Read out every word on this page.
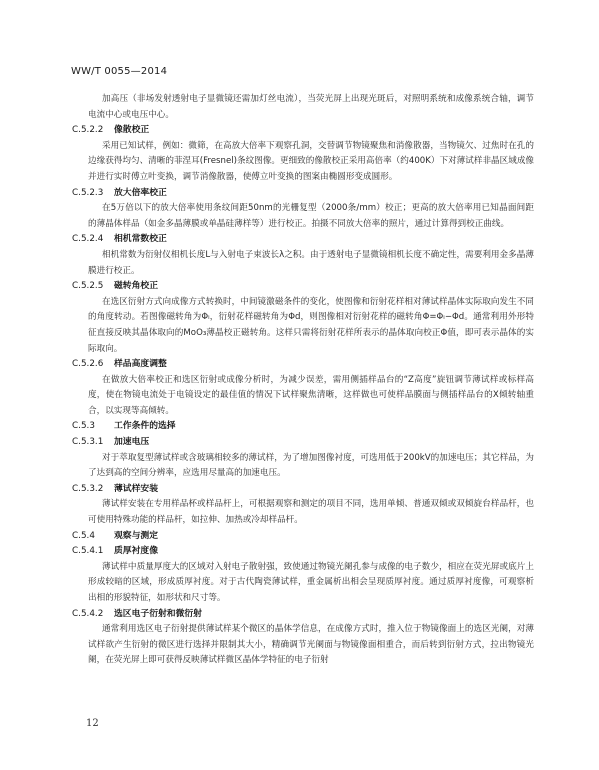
WW/T 0055—2014

加高压（非场发射透射电子显微镜还需加灯丝电流），当荧光屏上出现光斑后，对照明系统和成像系统合轴，调节电流中心或电压中心。

C.5.2.2 像散校正

采用已知试样，例如：微筛，在高放大倍率下观察孔洞，交替调节物镜聚焦和消像散器，当物镜欠、过焦时在孔的边缘获得均匀、清晰的菲涅耳(Fresnel)条纹图像。更细致的像散校正采用高倍率（约400K）下对薄试样非晶区域成像并进行实时傅立叶变换，调节消像散器，使傅立叶变换的图案由椭圆形变成圆形。

C.5.2.3 放大倍率校正

在5万倍以下的放大倍率使用条纹间距50nm的光栅复型（2000条/mm）校正；更高的放大倍率用已知晶面间距的薄晶体样品（如金多晶薄膜或单晶硅薄样等）进行校正。拍摄不同放大倍率的照片，通过计算得到校正曲线。

C.5.2.4 相机常数校正

相机常数为衍射仪相机长度L与入射电子束波长λ之积。由于透射电子显微镜相机长度不确定性，需要利用金多晶薄膜进行校正。

C.5.2.5 磁转角校正

在选区衍射方式向成像方式转换时，中间镜激磁条件的变化，使图像和衍射花样相对薄试样晶体实际取向发生不同的角度转动。若图像磁转角为Φᵢ，衍射花样磁转角为Φd，则图像相对衍射花样的磁转角Φ=Φᵢ−Φd。通常利用外形特征直接反映其晶体取向的MoO₃薄晶校正磁转角。这样只需将衍射花样所表示的晶体取向校正Φ值，即可表示晶体的实际取向。

C.5.2.6 样品高度调整

在做放大倍率校正和选区衍射或成像分析时，为减少误差，需用侧插样品台的“Z高度”旋钮调节薄试样或标样高度，使在物镜电流处于电镜设定的最佳值的情况下试样聚焦清晰，这样做也可使样品膜面与侧插样品台的X倾转轴重合，以实现等高倾转。

C.5.3 工作条件的选择
C.5.3.1 加速电压

对于萃取复型薄试样或含玻璃相较多的薄试样，为了增加图像衬度，可选用低于200kV的加速电压；其它样品，为了达到高的空间分辨率，应选用尽量高的加速电压。

C.5.3.2 薄试样安装

薄试样安装在专用样品杯或样品杆上，可根据观察和测定的项目不同，选用单倾、普通双倾或双倾旋台样品杆，也可使用特殊功能的样品杆，如拉伸、加热或冷却样品杆。

C.5.4 观察与测定
C.5.4.1 质厚衬度像

薄试样中质量厚度大的区域对入射电子散射强，致使通过物镜光阑孔参与成像的电子数少，相应在荧光屏或底片上形成较暗的区域，形成质厚衬度。对于古代陶瓷薄试样，重金属析出相会呈现质厚衬度。通过质厚衬度像，可观察析出相的形貌特征，如形状和尺寸等。

C.5.4.2 选区电子衍射和微衍射

通常利用选区电子衍射提供薄试样某个微区的晶体学信息，在成像方式时，推入位于物镜像面上的选区光阑，对薄试样欲产生衍射的微区进行选择并限制其大小，精确调节光阑面与物镜像面相重合，而后转到衍射方式，拉出物镜光阑，在荧光屏上即可获得反映薄试样微区晶体学特征的电子衍射

12
